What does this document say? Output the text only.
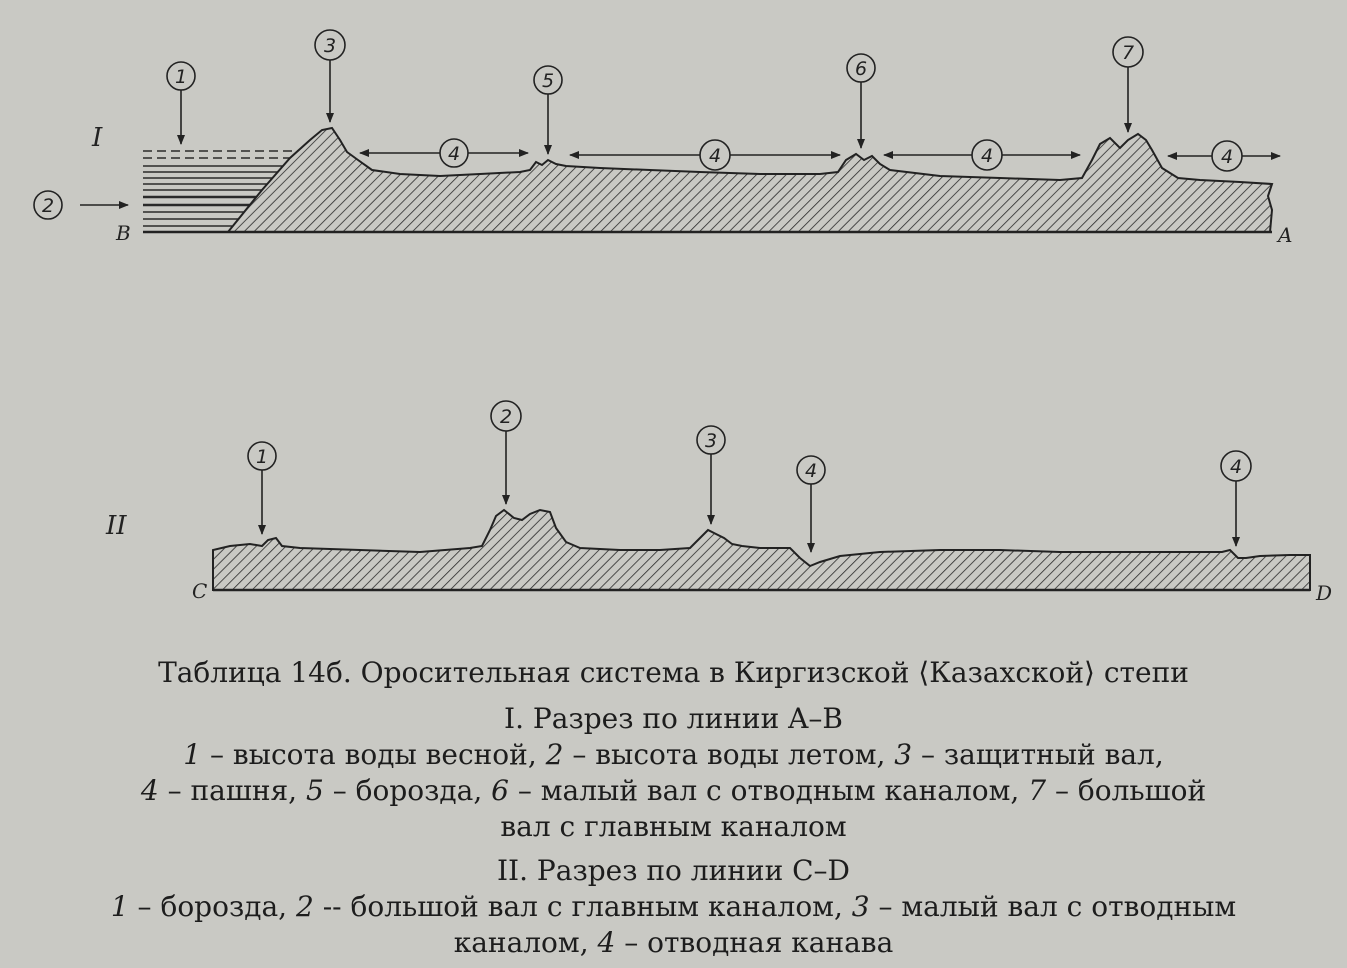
I
B	A
1
2
3
5
6
7
4	4	4	4
II
C	D
1
2
3
4	4
Таблица 14б. Оросительная система в Киргизской ⟨Казахской⟩ степи
I. Разрез по линии A–B
1 – высота воды весной, 2 – высота воды летом, 3 – защитный вал,
4 – пашня, 5 – борозда, 6 – малый вал с отводным каналом, 7 – большой
вал с главным каналом
II. Разрез по линии C–D
1 – борозда, 2 -- большой вал с главным каналом, 3 – малый вал с отводным
каналом, 4 – отводная канава
